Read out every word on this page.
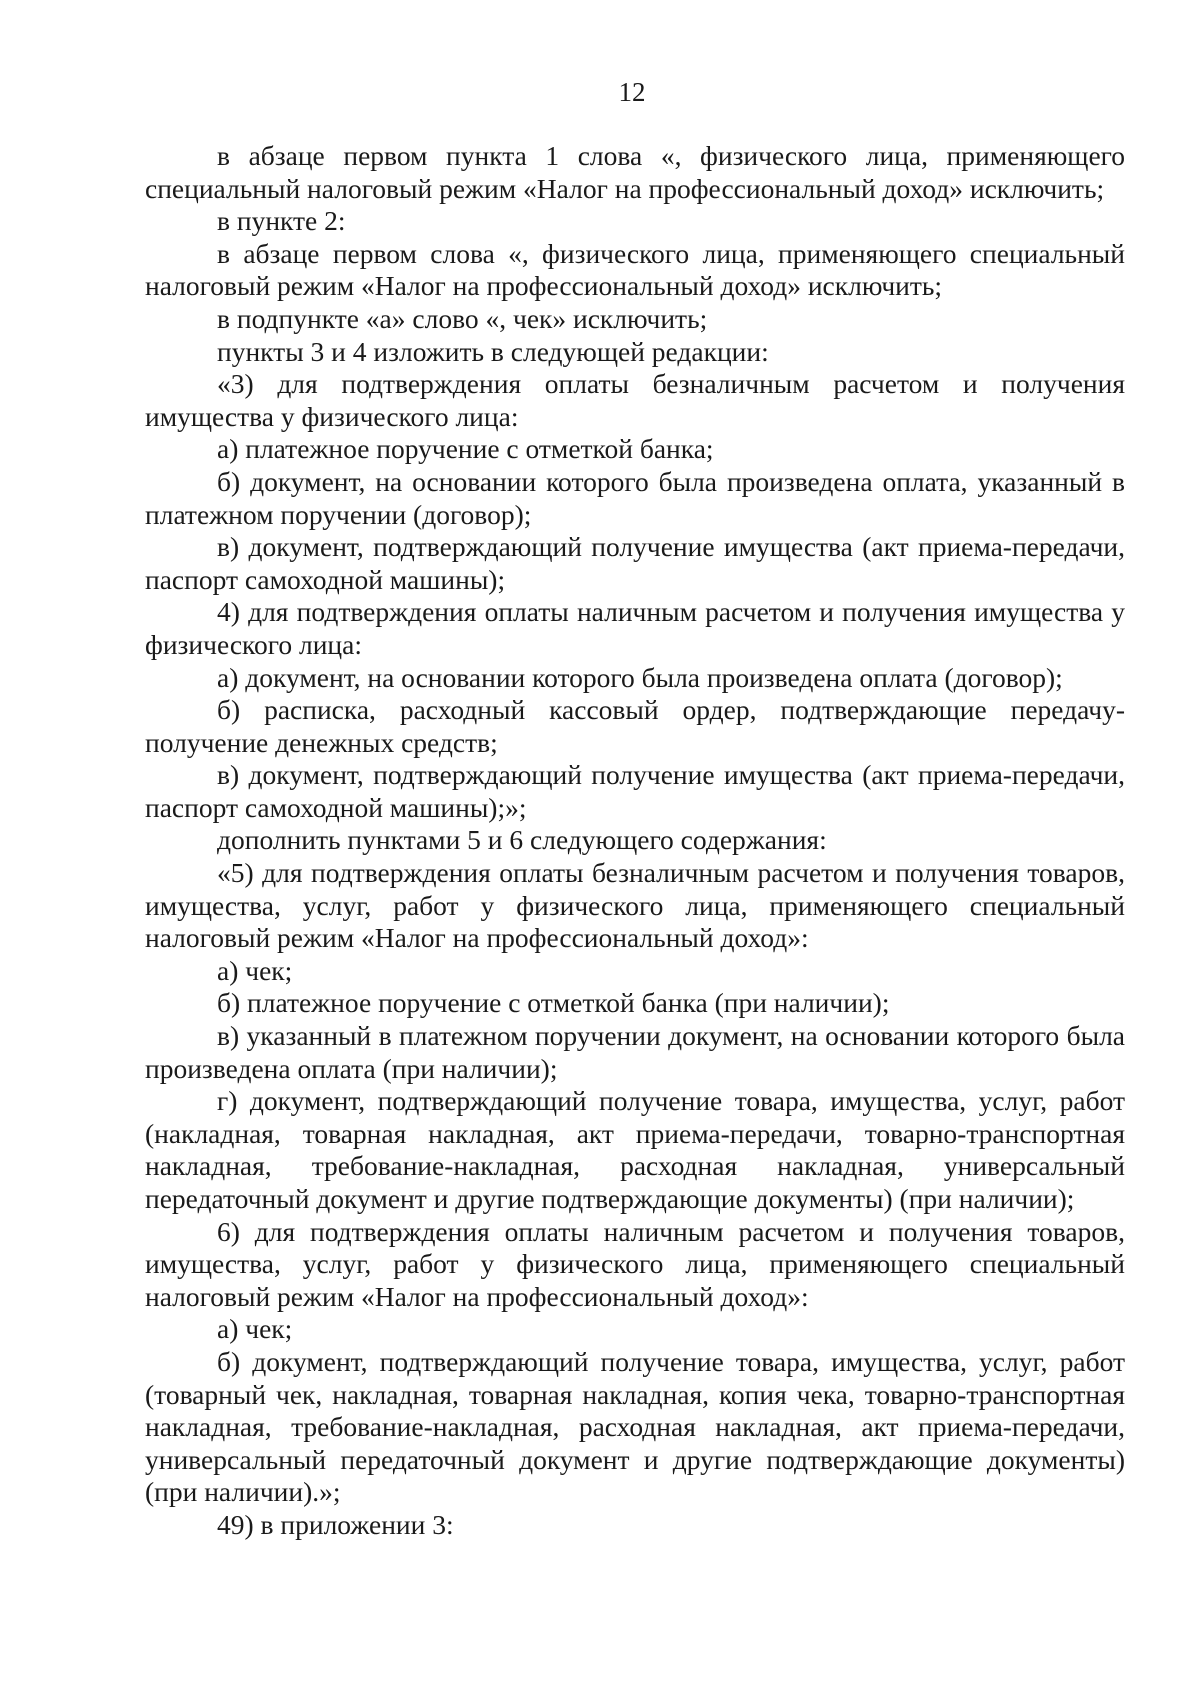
12

в абзаце первом пункта 1 слова «, физического лица, применяющего специальный налоговый режим «Налог на профессиональный доход» исключить;

в пункте 2:

в абзаце первом слова «, физического лица, применяющего специальный налоговый режим «Налог на профессиональный доход» исключить;

в подпункте «а» слово «, чек» исключить;

пункты 3 и 4 изложить в следующей редакции:

«3) для подтверждения оплаты безналичным расчетом и получения имущества у физического лица:

а) платежное поручение с отметкой банка;

б) документ, на основании которого была произведена оплата, указанный в платежном поручении (договор);

в) документ, подтверждающий получение имущества (акт приема-передачи, паспорт самоходной машины);

4) для подтверждения оплаты наличным расчетом и получения имущества у физического лица:

а) документ, на основании которого была произведена оплата (договор);

б) расписка, расходный кассовый ордер, подтверждающие передачу-получение денежных средств;

в) документ, подтверждающий получение имущества (акт приема-передачи, паспорт самоходной машины);»;

дополнить пунктами 5 и 6 следующего содержания:

«5) для подтверждения оплаты безналичным расчетом и получения товаров, имущества, услуг, работ у физического лица, применяющего специальный налоговый режим «Налог на профессиональный доход»:

а) чек;

б) платежное поручение с отметкой банка (при наличии);

в) указанный в платежном поручении документ, на основании которого была произведена оплата (при наличии);

г) документ, подтверждающий получение товара, имущества, услуг, работ (накладная, товарная накладная, акт приема-передачи, товарно-транспортная накладная, требование-накладная, расходная накладная, универсальный передаточный документ и другие подтверждающие документы) (при наличии);

6) для подтверждения оплаты наличным расчетом и получения товаров, имущества, услуг, работ у физического лица, применяющего специальный налоговый режим «Налог на профессиональный доход»:

а) чек;

б) документ, подтверждающий получение товара, имущества, услуг, работ (товарный чек, накладная, товарная накладная, копия чека, товарно-транспортная накладная, требование-накладная, расходная накладная, акт приема-передачи, универсальный передаточный документ и другие подтверждающие документы) (при наличии).»;

49) в приложении 3:
